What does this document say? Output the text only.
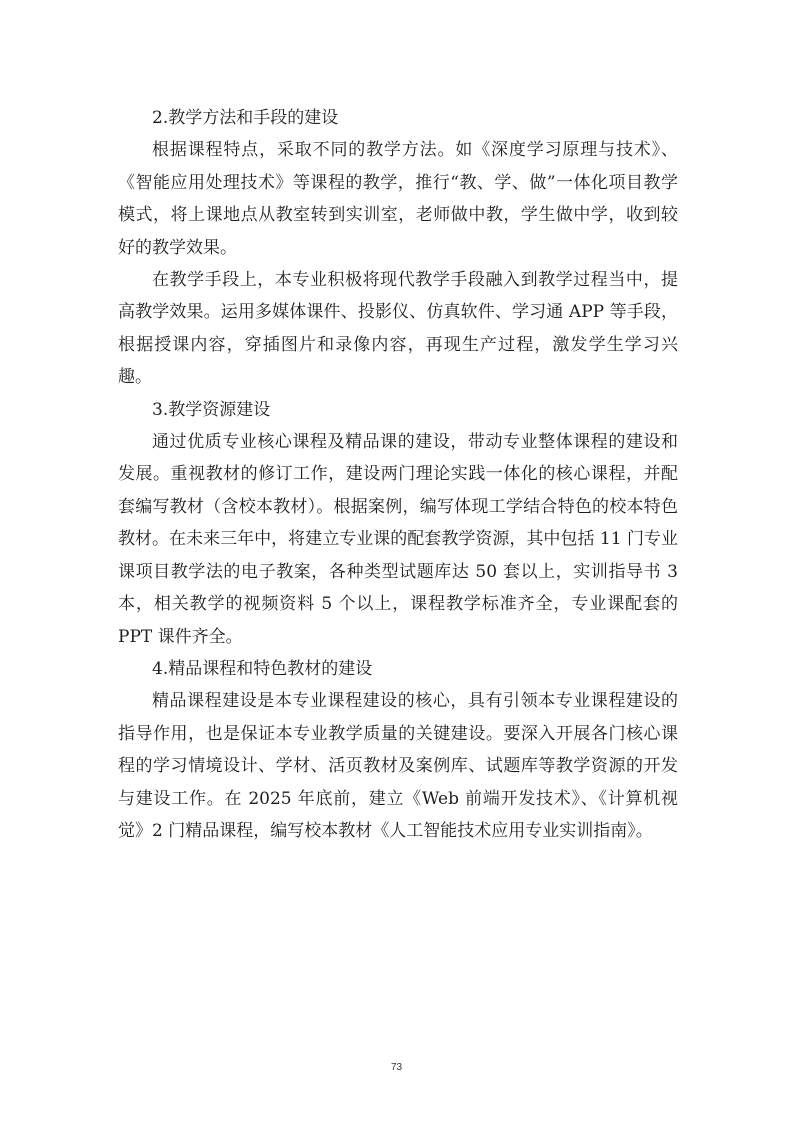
2.教学方法和手段的建设

根据课程特点，采取不同的教学方法。如《深度学习原理与技术》、《智能应用处理技术》等课程的教学，推行“教、学、做”一体化项目教学模式，将上课地点从教室转到实训室，老师做中教，学生做中学，收到较好的教学效果。

在教学手段上，本专业积极将现代教学手段融入到教学过程当中，提高教学效果。运用多媒体课件、投影仪、仿真软件、学习通 APP 等手段，根据授课内容，穿插图片和录像内容，再现生产过程，激发学生学习兴趣。

3.教学资源建设

通过优质专业核心课程及精品课的建设，带动专业整体课程的建设和发展。重视教材的修订工作，建设两门理论实践一体化的核心课程，并配套编写教材（含校本教材）。根据案例，编写体现工学结合特色的校本特色教材。在未来三年中，将建立专业课的配套教学资源，其中包括 11 门专业课项目教学法的电子教案，各种类型试题库达 50 套以上，实训指导书 3 本，相关教学的视频资料 5 个以上，课程教学标准齐全，专业课配套的 PPT 课件齐全。

4.精品课程和特色教材的建设

精品课程建设是本专业课程建设的核心，具有引领本专业课程建设的指导作用，也是保证本专业教学质量的关键建设。要深入开展各门核心课程的学习情境设计、学材、活页教材及案例库、试题库等教学资源的开发与建设工作。在 2025 年底前，建立《Web 前端开发技术》、《计算机视觉》2 门精品课程，编写校本教材《人工智能技术应用专业实训指南》。

73
